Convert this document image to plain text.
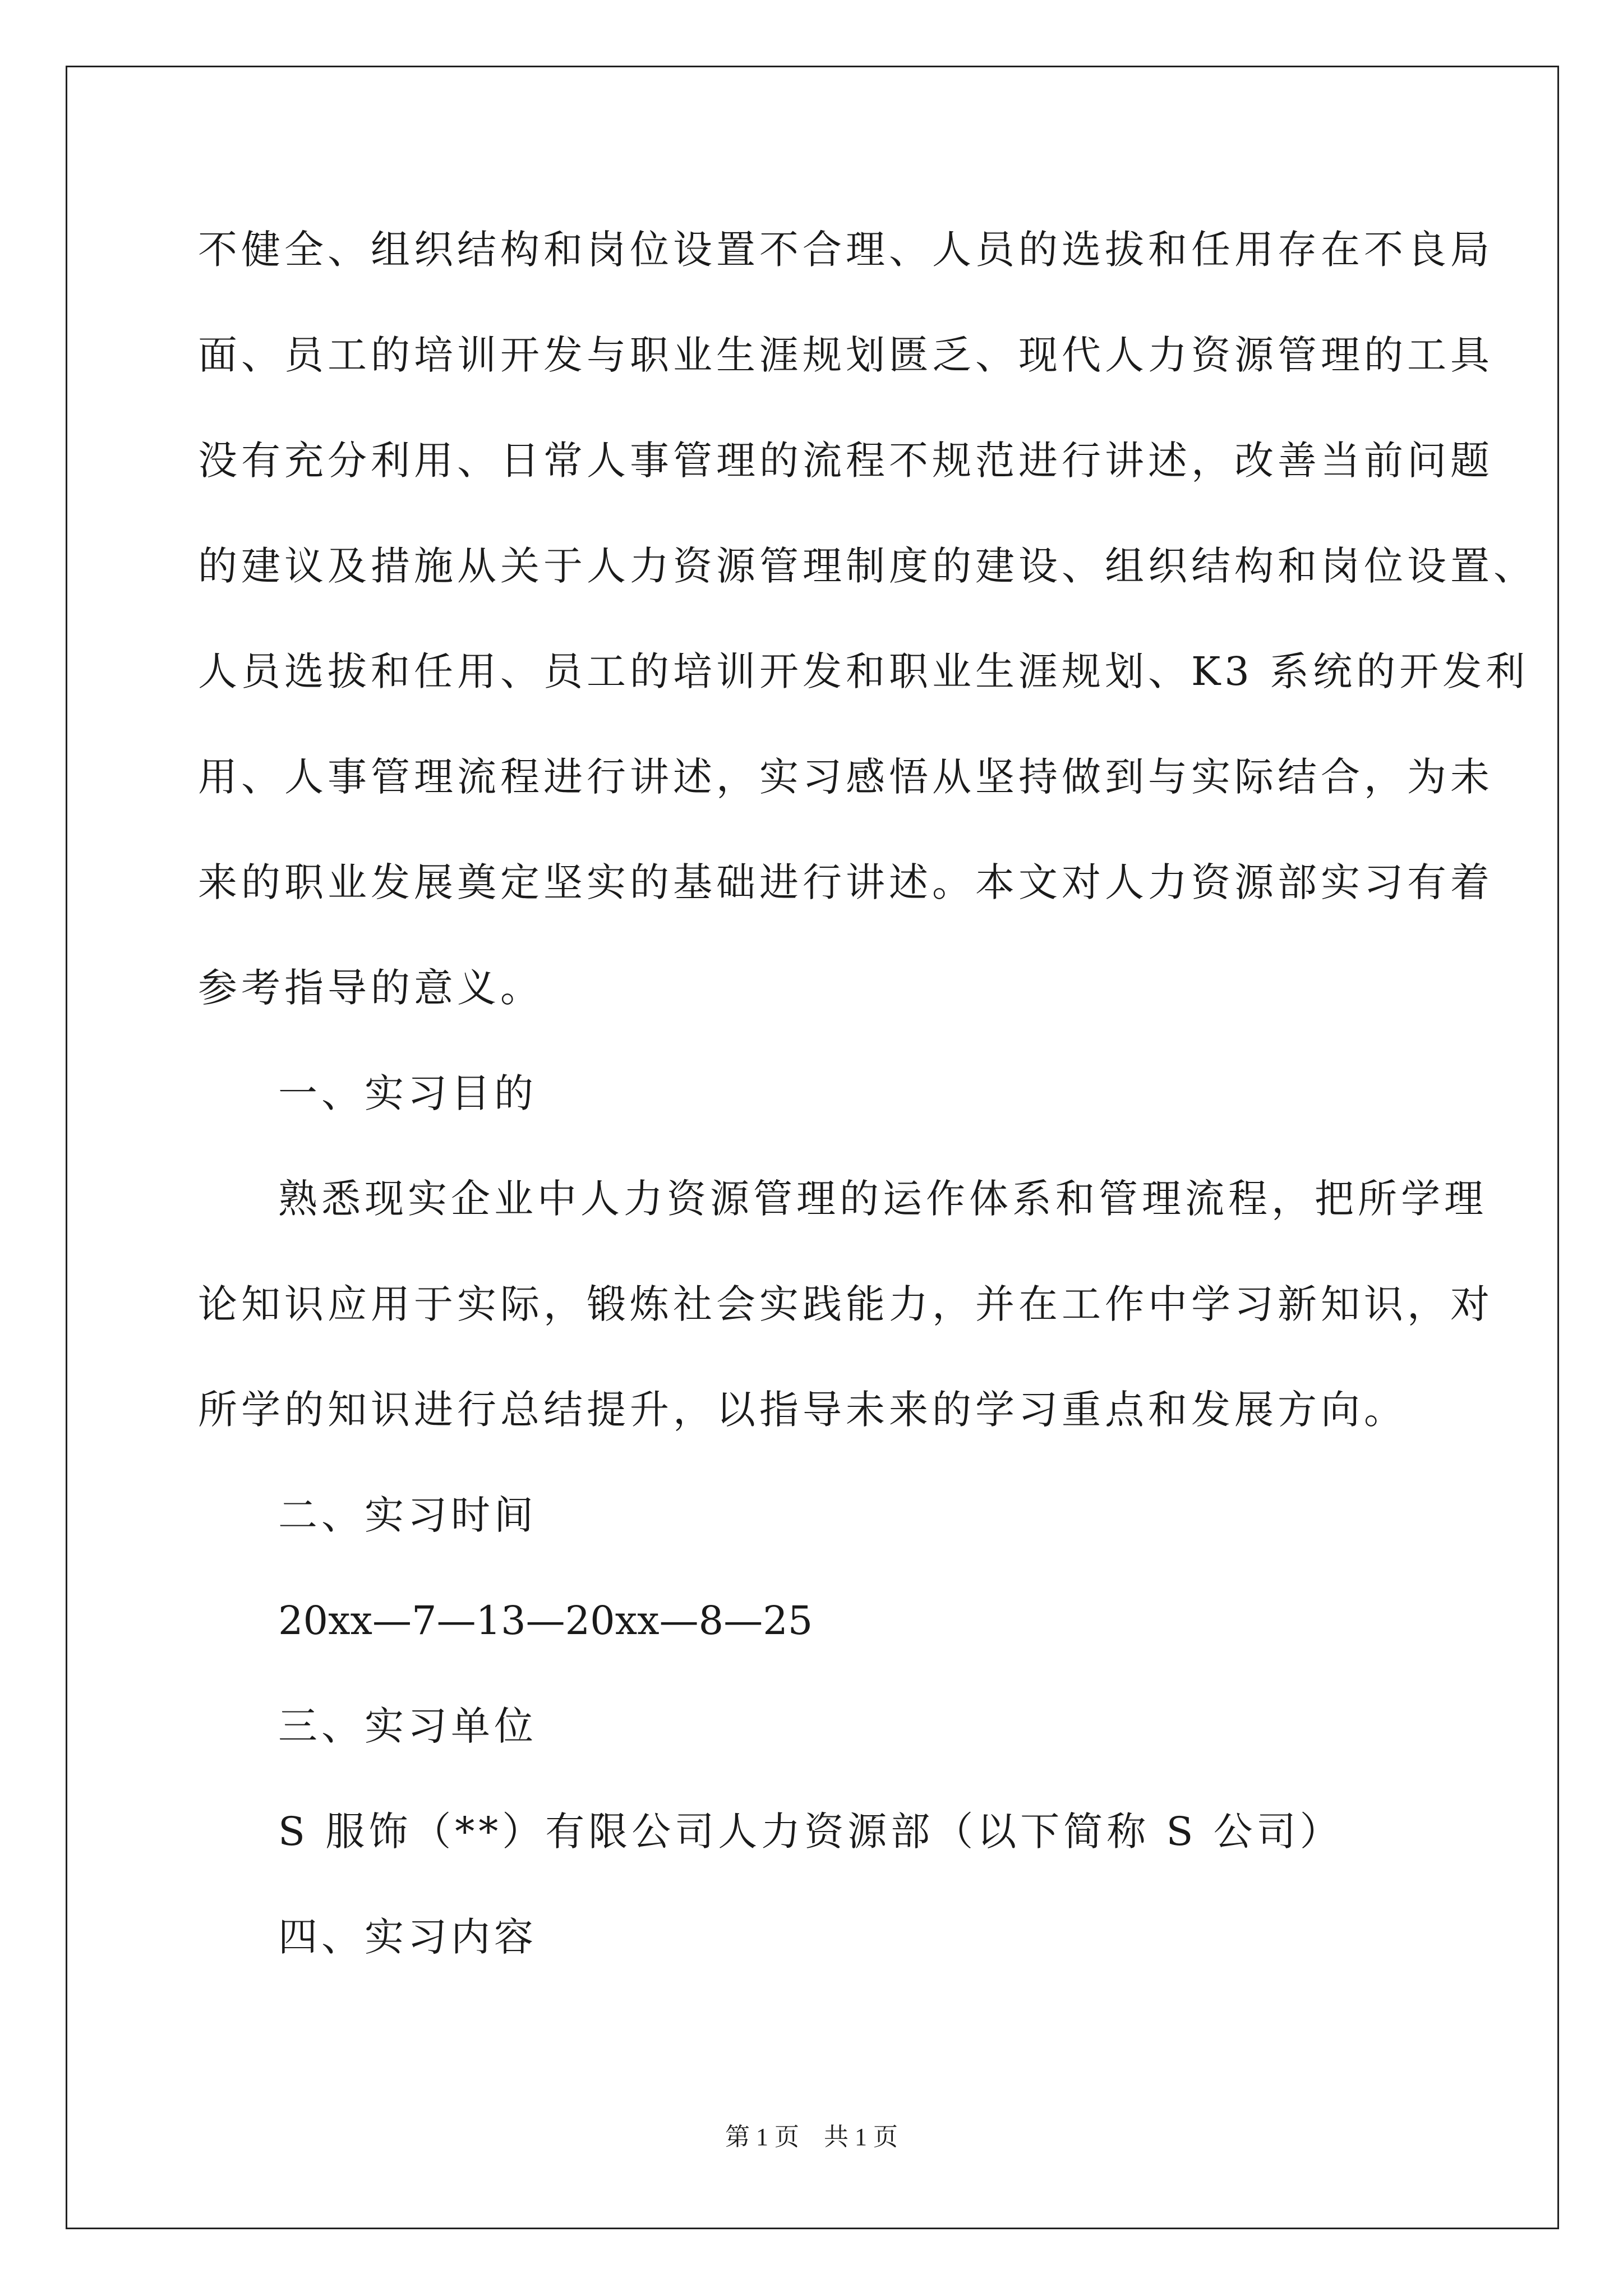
不健全、组织结构和岗位设置不合理、人员的选拔和任用存在不良局
面、员工的培训开发与职业生涯规划匮乏、现代人力资源管理的工具
没有充分利用、日常人事管理的流程不规范进行讲述，改善当前问题
的建议及措施从关于人力资源管理制度的建设、组织结构和岗位设置、
人员选拔和任用、员工的培训开发和职业生涯规划、K3 系统的开发利
用、人事管理流程进行讲述，实习感悟从坚持做到与实际结合，为未
来的职业发展奠定坚实的基础进行讲述。本文对人力资源部实习有着
参考指导的意义。
一、实习目的
熟悉现实企业中人力资源管理的运作体系和管理流程，把所学理
论知识应用于实际，锻炼社会实践能力，并在工作中学习新知识，对
所学的知识进行总结提升，以指导未来的学习重点和发展方向。
二、实习时间
20xx—7—13—20xx—8—25
三、实习单位
S 服饰（**）有限公司人力资源部（以下简称 S 公司）
四、实习内容
第 1 页　共 1 页
